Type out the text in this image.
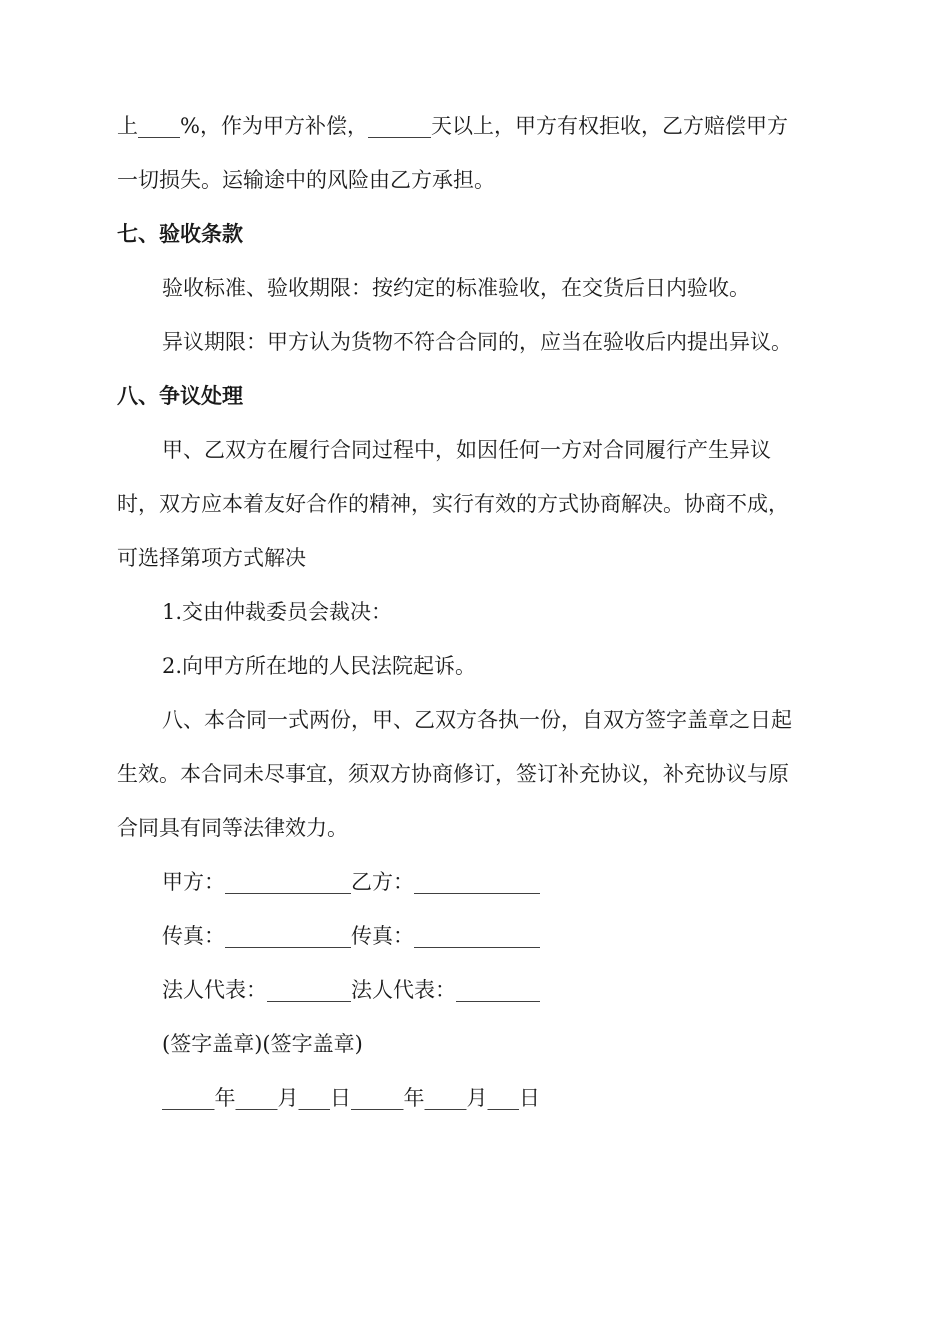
上____%，作为甲方补偿，______天以上，甲方有权拒收，乙方赔偿甲方
一切损失。运输途中的风险由乙方承担。
七、验收条款
验收标准、验收期限：按约定的标准验收，在交货后日内验收。
异议期限：甲方认为货物不符合合同的，应当在验收后内提出异议。
八、争议处理
甲、乙双方在履行合同过程中，如因任何一方对合同履行产生异议
时，双方应本着友好合作的精神，实行有效的方式协商解决。协商不成，
可选择第项方式解决
1.交由仲裁委员会裁决：
2.向甲方所在地的人民法院起诉。
八、本合同一式两份，甲、乙双方各执一份，自双方签字盖章之日起
生效。本合同未尽事宜，须双方协商修订，签订补充协议，补充协议与原
合同具有同等法律效力。
甲方：____________乙方：____________
传真：____________传真：____________
法人代表：________法人代表：________
(签字盖章)(签字盖章)
_____年____月___日_____年____月___日
